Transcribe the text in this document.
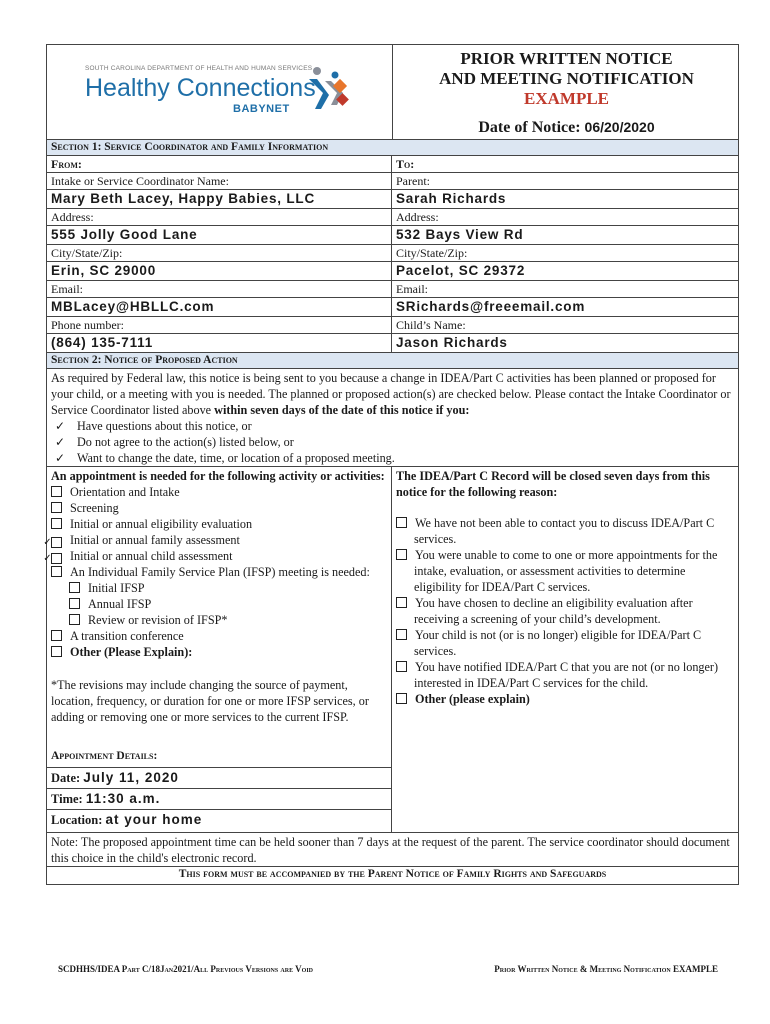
SOUTH CAROLINA DEPARTMENT OF HEALTH AND HUMAN SERVICES
Healthy Connections
BABYNET
PRIOR WRITTEN NOTICE
AND MEETING NOTIFICATION
EXAMPLE
Date of Notice: 06/20/2020
Section 1: Service Coordinator and Family Information
From:
Intake or Service Coordinator Name:
Mary Beth Lacey, Happy Babies, LLC
Address:
555 Jolly Good Lane
City/State/Zip:
Erin, SC 29000
Email:
MBLacey@HBLLC.com
Phone number:
(864) 135-7111
To:
Parent:
Sarah Richards
Address:
532 Bays View Rd
City/State/Zip:
Pacelot, SC 29372
Email:
SRichards@freeemail.com
Child’s Name:
Jason Richards
Section 2: Notice of Proposed Action
As required by Federal law, this notice is being sent to you because a change in IDEA/Part C activities has been planned or proposed for your child, or a meeting with you is needed. The planned or proposed action(s) are checked below. Please contact the Intake Coordinator or Service Coordinator listed above within seven days of the date of this notice if you:
✓ Have questions about this notice, or
✓ Do not agree to the action(s) listed below, or
✓ Want to change the date, time, or location of a proposed meeting.
An appointment is needed for the following activity or activities:
Orientation and Intake
Screening
Initial or annual eligibility evaluation
✓ Initial or annual family assessment
✓ Initial or annual child assessment
An Individual Family Service Plan (IFSP) meeting is needed:
Initial IFSP
Annual IFSP
Review or revision of IFSP*
A transition conference
Other (Please Explain):
*The revisions may include changing the source of payment, location, frequency, or duration for one or more IFSP services, or adding or removing one or more services to the current IFSP.
Appointment Details:
Date: July 11, 2020
Time: 11:30 a.m.
Location: at your home
The IDEA/Part C Record will be closed seven days from this notice for the following reason:
We have not been able to contact you to discuss IDEA/Part C services.
You were unable to come to one or more appointments for the intake, evaluation, or assessment activities to determine eligibility for IDEA/Part C services.
You have chosen to decline an eligibility evaluation after receiving a screening of your child’s development.
Your child is not (or is no longer) eligible for IDEA/Part C services.
You have notified IDEA/Part C that you are not (or no longer) interested in IDEA/Part C services for the child.
Other (please explain)
Note: The proposed appointment time can be held sooner than 7 days at the request of the parent. The service coordinator should document this choice in the child's electronic record.
This form must be accompanied by the Parent Notice of Family Rights and Safeguards
SCDHHS/IDEA Part C/18Jan2021/All Previous Versions are Void	Prior Written Notice & Meeting Notification EXAMPLE
